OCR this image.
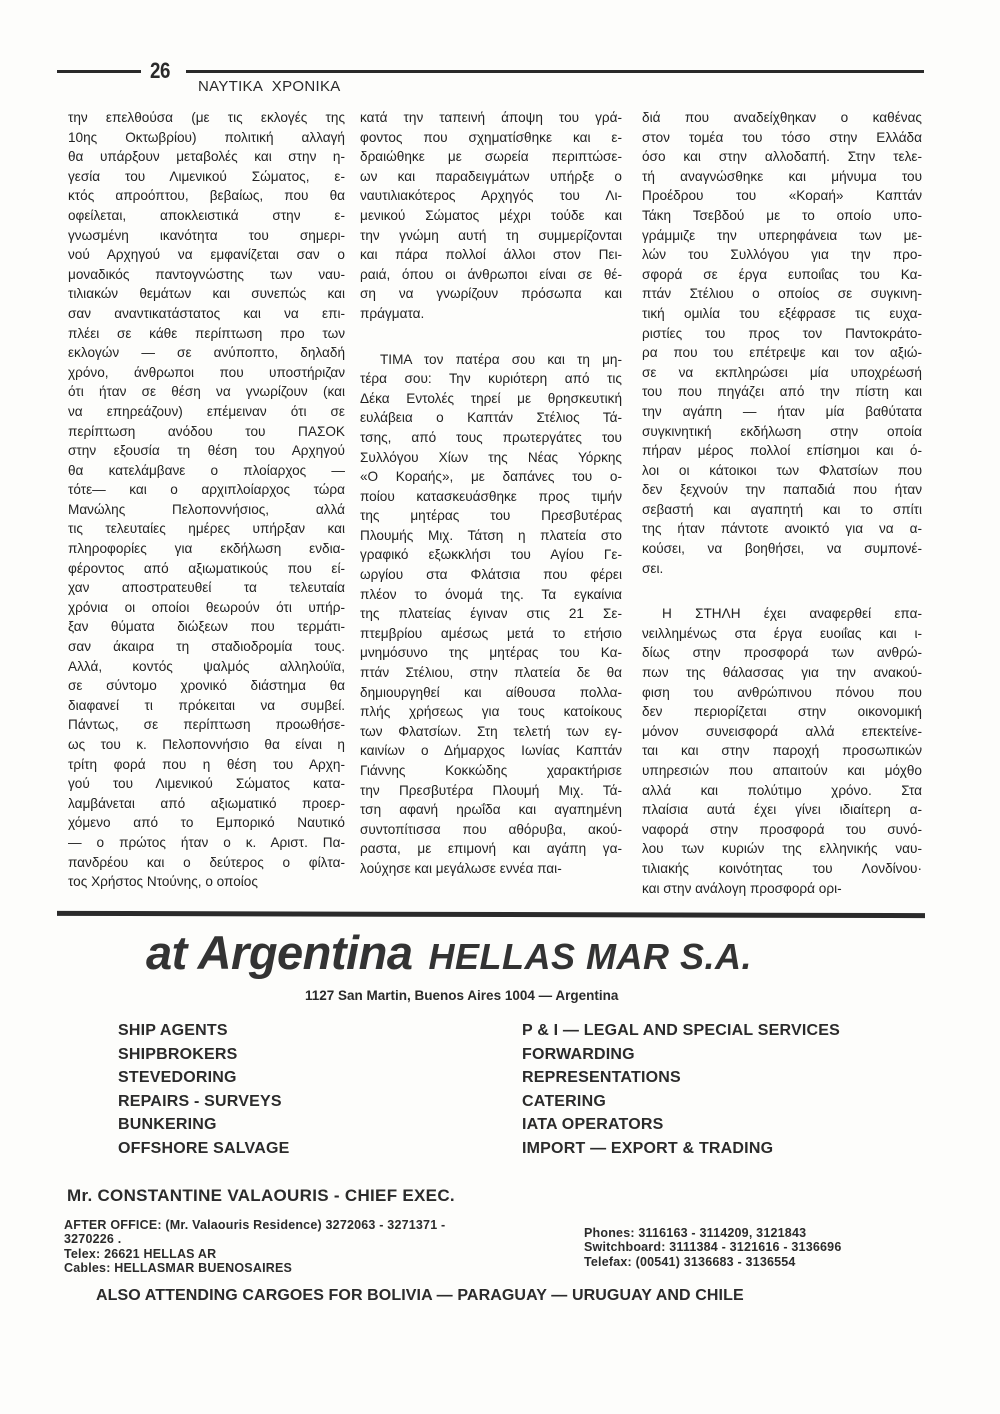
26
ΝΑΥΤΙΚΑ ΧΡΟΝΙΚΑ

την επελθούσα (με τις εκλογές της

10ης Οκτωβρίου) πολιτική αλλαγή

θα υπάρξουν μεταβολές και στην η-

γεσία του Λιμενικού Σώματος, ε-

κτός απροόπτου, βεβαίως, που θα

οφείλεται, αποκλειστικά στην ε-

γνωσμένη ικανότητα του σημερι-

νού Αρχηγού να εμφανίζεται σαν ο

μοναδικός παντογνώστης των ναυ-

τιλιακών θεμάτων και συνεπώς και

σαν αναντικατάστατος και να επι-

πλέει σε κάθε περίπτωση προ των

εκλογών — σε ανύποπτο, δηλαδή

χρόνο, άνθρωποι που υποστήριζαν

ότι ήταν σε θέση να γνωρίζουν (και

να επηρεάζουν) επέμειναν ότι σε

περίπτωση ανόδου του ΠΑΣΟΚ

στην εξουσία τη θέση του Αρχηγού

θα κατελάμβανε ο πλοίαρχος —

τότε— και ο αρχιπλοίαρχος τώρα

Μανώλης Πελοποννήσιος, αλλά

τις τελευταίες ημέρες υπήρξαν και

πληροφορίες για εκδήλωση ενδια-

φέροντος από αξιωματικούς που εί-

χαν αποστρατευθεί τα τελευταία

χρόνια οι οποίοι θεωρούν ότι υπήρ-

ξαν θύματα διώξεων που τερμάτι-

σαν άκαιρα τη σταδιοδρομία τους.

Αλλά, κοντός ψαλμός αλληλούϊα,

σε σύντομο χρονικό διάστημα θα

διαφανεί τι πρόκειται να συμβεί.

Πάντως, σε περίπτωση προωθήσε-

ως του κ. Πελοποννήσιο θα είναι η

τρίτη φορά που η θέση του Αρχη-

γού του Λιμενικού Σώματος κατα-

λαμβάνεται από αξιωματικό προερ-

χόμενο από το Εμπορικό Ναυτικό

— ο πρώτος ήταν ο κ. Αριστ. Πα-

πανδρέου και ο δεύτερος ο φίλτα-

τος Χρήστος Ντούνης, ο οποίος

κατά την ταπεινή άποψη του γρά-

φοντος που σχηματίσθηκε και ε-

δραιώθηκε με σωρεία περιπτώσε-

ων και παραδειγμάτων υπήρξε ο

ναυτιλιακότερος Αρχηγός του Λι-

μενικού Σώματος μέχρι τούδε και

την γνώμη αυτή τη συμμερίζονται

και πάρα πολλοί άλλοι στον Πει-

ραιά, όπου οι άνθρωποι είναι σε θέ-

ση να γνωρίζουν πρόσωπα και

πράγματα.

ΤΙΜΑ τον πατέρα σου και τη μη-

τέρα σου: Την κυριότερη από τις

Δέκα Εντολές τηρεί με θρησκευτική

ευλάβεια ο Καπτάν Στέλιος Τά-

τσης, από τους πρωτεργάτες του

Συλλόγου Χίων της Νέας Υόρκης

«Ο Κοραής», με δαπάνες του ο-

ποίου κατασκευάσθηκε προς τιμήν

της μητέρας του Πρεσβυτέρας

Πλουμής Μιχ. Τάτση η πλατεία στο

γραφικό εξωκκλήσι του Αγίου Γε-

ωργίου στα Φλάτσια που φέρει

πλέον το όνομά της. Τα εγκαίνια

της πλατείας έγιναν στις 21 Σε-

πτεμβρίου αμέσως μετά το ετήσιο

μνημόσυνο της μητέρας του Κα-

πτάν Στέλιου, στην πλατεία δε θα

δημιουργηθεί και αίθουσα πολλα-

πλής χρήσεως για τους κατοίκους

των Φλατσίων. Στη τελετή των εγ-

καινίων ο Δήμαρχος Ιωνίας Καπτάν

Γιάννης Κοκκώδης χαρακτήρισε

την Πρεσβυτέρα Πλουμή Μιχ. Τά-

τση αφανή ηρωΐδα και αγαπημένη

συντοπίτισσα που αθόρυβα, ακού-

ραστα, με επιμονή και αγάπη γα-

λούχησε και μεγάλωσε εννέα παι-

διά που αναδείχθηκαν ο καθένας

στον τομέα του τόσο στην Ελλάδα

όσο και στην αλλοδαπή. Στην τελε-

τή αναγνώσθηκε και μήνυμα του

Προέδρου του «Κοραή» Καπτάν

Τάκη Τσεβδού με το οποίο υπο-

γράμμιζε την υπερηφάνεια των με-

λών του Συλλόγου για την προ-

σφορά σε έργα ευποιΐας του Κα-

πτάν Στέλιου ο οποίος σε συγκινη-

τική ομιλία του εξέφρασε τις ευχα-

ριστίες του προς τον Παντοκράτο-

ρα που του επέτρεψε και τον αξιώ-

σε να εκπληρώσει μία υποχρέωσή

του που πηγάζει από την πίστη και

την αγάπη — ήταν μία βαθύτατα

συγκινητική εκδήλωση στην οποία

πήραν μέρος πολλοί επίσημοι και ό-

λοι οι κάτοικοι των Φλατσίων που

δεν ξεχνούν την παπαδιά που ήταν

σεβαστή και αγαπητή και το σπίτι

της ήταν πάντοτε ανοικτό για να α-

κούσει, να βοηθήσει, να συμπονέ-

σει.

Η ΣΤΗΛΗ έχει αναφερθεί επα-

νειλλημένως στα έργα ευοιΐας και ι-

δίως στην προσφορά των ανθρώ-

πων της θάλασσας για την ανακού-

φιση του ανθρώπινου πόνου που

δεν περιορίζεται στην οικονομική

μόνον συνεισφορά αλλά επεκτείνε-

ται και στην παροχή προσωπικών

υπηρεσιών που απαιτούν και μόχθο

αλλά και πολύτιμο χρόνο. Στα

πλαίσια αυτά έχει γίνει ιδιαίτερη α-

ναφορά στην προσφορά του συνό-

λου των κυριών της ελληνικής ναυ-

τιλιακής κοινότητας του Λονδίνου·

και στην ανάλογη προσφορά ορι-

at Argentina HELLAS MAR S.A.
1127 San Martin, Buenos Aires 1004 — Argentina
SHIP AGENTS
SHIPBROKERS
STEVEDORING
REPAIRS - SURVEYS
BUNKERING
OFFSHORE SALVAGE
P & I — LEGAL AND SPECIAL SERVICES
FORWARDING
REPRESENTATIONS
CATERING
IATA OPERATORS
IMPORT — EXPORT & TRADING
Mr. CONSTANTINE VALAOURIS - CHIEF EXEC.
AFTER OFFICE: (Mr. Valaouris Residence) 3272063 - 3271371 -
3270226 .
Telex: 26621 HELLAS AR
Cables: HELLASMAR BUENOSAIRES
Phones: 3116163 - 3114209, 3121843
Switchboard: 3111384 - 3121616 - 3136696
Telefax: (00541) 3136683 - 3136554
ALSO ATTENDING CARGOES FOR BOLIVIA — PARAGUAY — URUGUAY AND CHILE
